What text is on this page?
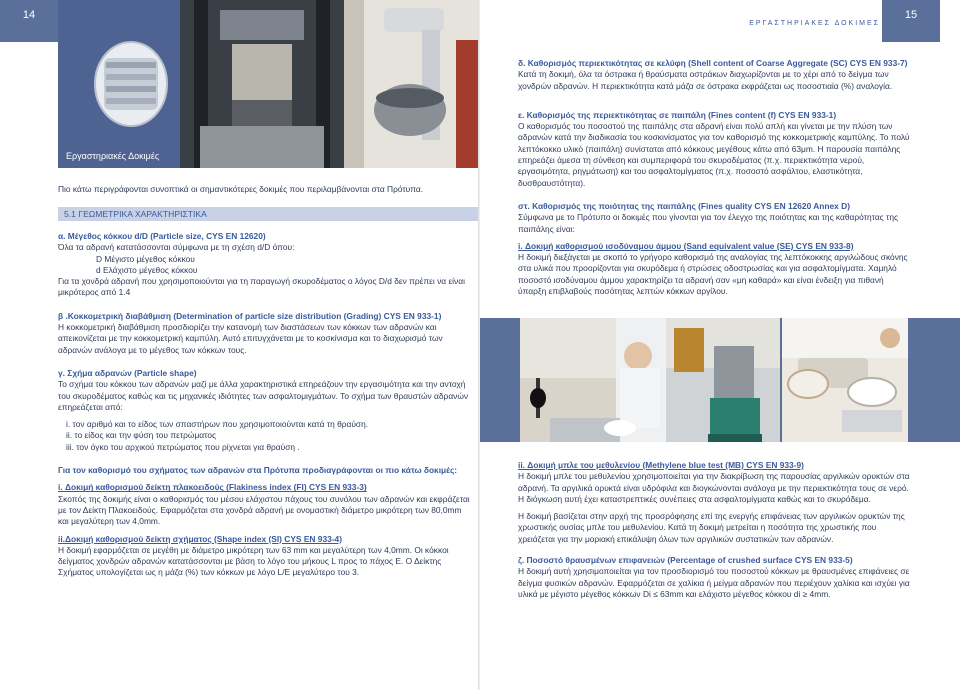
14
Εργαστηριακές Δοκιμές
Πιο κάτω περιγράφονται συνοπτικά οι σημαντικότερες δοκιμές που περιλαμβάνονται στα Πρότυπα.
5.1 ΓΕΩΜΕΤΡΙΚΑ ΧΑΡΑΚΤΗΡΙΣΤΙΚΑ

α. Μέγεθος κόκκου d/D (Particle size, CYS EN 12620)

Όλα τα αδρανή κατατάσσονται σύμφωνα με τη σχέση d/D όπου:

D Μέγιστο μέγεθος κόκκου

d Ελάχιστο μέγεθος κόκκου

Για τα χονδρά αδρανή που χρησιμοποιούνται για τη παραγωγή σκυροδέματος ο λόγος D/d δεν πρέπει να είναι μικρότερος από 1.4

β .Κοκκομετρική διαβάθμιση (Determination of particle size distribution (Grading) CYS EN 933-1)

Η κοκκομετρική διαβάθμιση προσδιορίζει την κατανομή των διαστάσεων των κόκκων των αδρανών και απεικονίζεται με την κοκκομετρική καμπύλη. Αυτό επιτυγχάνεται με το κοσκίνισμα και το διαχωρισμό των αδρανών ανάλογα με το μέγεθος των κόκκων τους.

γ. Σχήμα αδρανών (Particle shape)

Το σχήμα του κόκκου των αδρανών μαζί με άλλα χαρακτηριστικά επηρεάζουν την εργασιμότητα και την αντοχή του σκυροδέματος καθώς και τις μηχανικές ιδιότητες των ασφαλτομιγμάτων. Το σχήμα των θραυστών αδρανών επηρεάζεται από:

i. τον αριθμό και το είδος των σπαστήρων που χρησιμοποιούνται κατά τη θραύση.

ii. το είδος και την φύση του πετρώματος

iii. τον όγκο του αρχικού πετρώματος που ρίχνεται για θραύση .

Για τον καθορισμό του σχήματος των αδρανών στα Πρότυπα προδιαγράφονται οι πιο κάτω δοκιμές:

i. Δοκιμή καθορισμού δείκτη πλακοειδούς (Flakiness index (FI) CYS EN 933-3)

Σκοπός της δοκιμής είναι ο καθορισμός του μέσου ελάχιστου πάχους του συνόλου των αδρανών και εκφράζεται με τον Δείκτη Πλακοειδούς. Εφαρμόζεται στα χονδρά αδρανή με ονομαστική διάμετρο μικρότερη των 80,0mm και μεγαλύτερη των 4,0mm.

ii.Δοκιμή καθορισμού δείκτη σχήματος (Shape index (SI) CYS EN 933-4)

Η δοκιμή εφαρμόζεται σε μεγέθη με διάμετρο μικρότερη των 63 mm και μεγαλύτερη των 4,0mm. Οι κόκκοι δείγματος χονδρών αδρανών κατατάσσονται με βάση το λόγο του μήκους L προς το πάχος Ε. Ο Δείκτης Σχήματος υπολογίζεται ως η μάζα (%) των κόκκων με λόγο L/E μεγαλύτερο του 3.

ΕΡΓΑΣΤΗΡΙΑΚΕΣ ΔΟΚΙΜΕΣ
15

δ. Καθορισμός περιεκτικότητας σε κελύφη (Shell content of Coarse Aggregate (SC) CYS EN 933-7)

Κατά τη δοκιμή, όλα τα όστρακα ή θραύσματα οστράκων διαχωρίζονται με το χέρι από το δείγμα των χονδρών αδρανών. Η περιεκτικότητα κατά μάζα σε όστρακα εκφράζεται ως ποσοστιαία (%) αναλογία.

ε. Καθορισμός της περιεκτικότητας σε παιπάλη (Fines content (f) CYS EN 933-1)

Ο καθορισμός του ποσοστού της παιπάλης στα αδρανή είναι πολύ απλή και γίνεται με την πλύση των αδρανών κατά την διαδικασία του κοσκινίσματος για τον καθορισμό της κοκκομετρικής καμπύλης. Το πολύ λεπτόκοκκο υλικό (παιπάλη) συνίσταται από κόκκους μεγέθους κάτω από 63μm. Η παρουσία παιπάλης επηρεάζει άμεσα τη σύνθεση και συμπεριφορά του σκυροδέματος (π.χ. περιεκτικότητα νερού, εργασιμότητα, ρηγμάτωση) και του ασφαλτομίγματος (π.χ. ποσοστό ασφάλτου, ελαστικότητα, δυσθραυστότητα).

στ. Καθορισμός της ποιότητας της παιπάλης (Fines quality CYS EN 12620 Annex D)

Σύμφωνα με το Πρότυπο οι δοκιμές που γίνονται για τον έλεγχο της ποιότητας και της καθαρότητας της παιπάλης είναι:

i. Δοκιμή καθορισμού ισοδύναμου άμμου (Sand equivalent value (SE) CYS EN 933-8)

Η δοκιμή διεξάγεται με σκοπό το γρήγορο καθορισμό της αναλογίας της λεπτόκοκκης αργιλώδους σκόνης στα υλικά που προορίζονται για σκυρόδεμα ή στρώσεις οδοστρωσίας και για ασφαλτομίγματα. Χαμηλό ποσοστό ισοδύναμου άμμου χαρακτηρίζει τα αδρανή σαν «μη καθαρά» και είναι ένδειξη για πιθανή ύπαρξη επιβλαβούς ποσότητας λεπτών κόκκων αργίλου.

ii. Δοκιμή μπλε του μεθυλενίου (Methylene blue test (MB) CYS EN 933-9)

Η δοκιμή μπλε του μεθυλενίου χρησιμοποιείται για την διακρίβωση της παρουσίας αργιλικών ορυκτών στα αδρανή. Τα αργιλικά ορυκτά είναι υδρόφιλα και διογκώνονται ανάλογα με την περιεκτικότητα τους σε νερό. Η διόγκωση αυτή έχει καταστρεπτικές συνέπειες στα ασφαλτομίγματα καθώς και το σκυρόδεμα.

Η δοκιμή βασίζεται στην αρχή της προσρόφησης επί της ενεργής επιφάνειας των αργιλικών ορυκτών της χρωστικής ουσίας μπλε του μεθυλενίου. Κατά τη δοκιμή μετρείται η ποσότητα της χρωστικής που χρειάζεται για την μοριακή επικάλυψη όλων των αργιλικών συστατικών των αδρανών.

ζ. Ποσοστό θραυσμένων επιφανειών (Percentage of crushed surface CYS EN 933-5)

Η δοκιμή αυτή χρησιμοποιείται για τον προσδιορισμό του ποσοστού κόκκων με θραυσμένες επιφάνειες σε δείγμα φυσικών αδρανών. Εφαρμόζεται σε χαλίκια ή μείγμα αδρανών που περιέχουν χαλίκια και ισχύει για υλικά με μέγιστο μέγεθος κόκκων Di ≤ 63mm και ελάχιστο μέγεθος κόκκου di ≥ 4mm.
